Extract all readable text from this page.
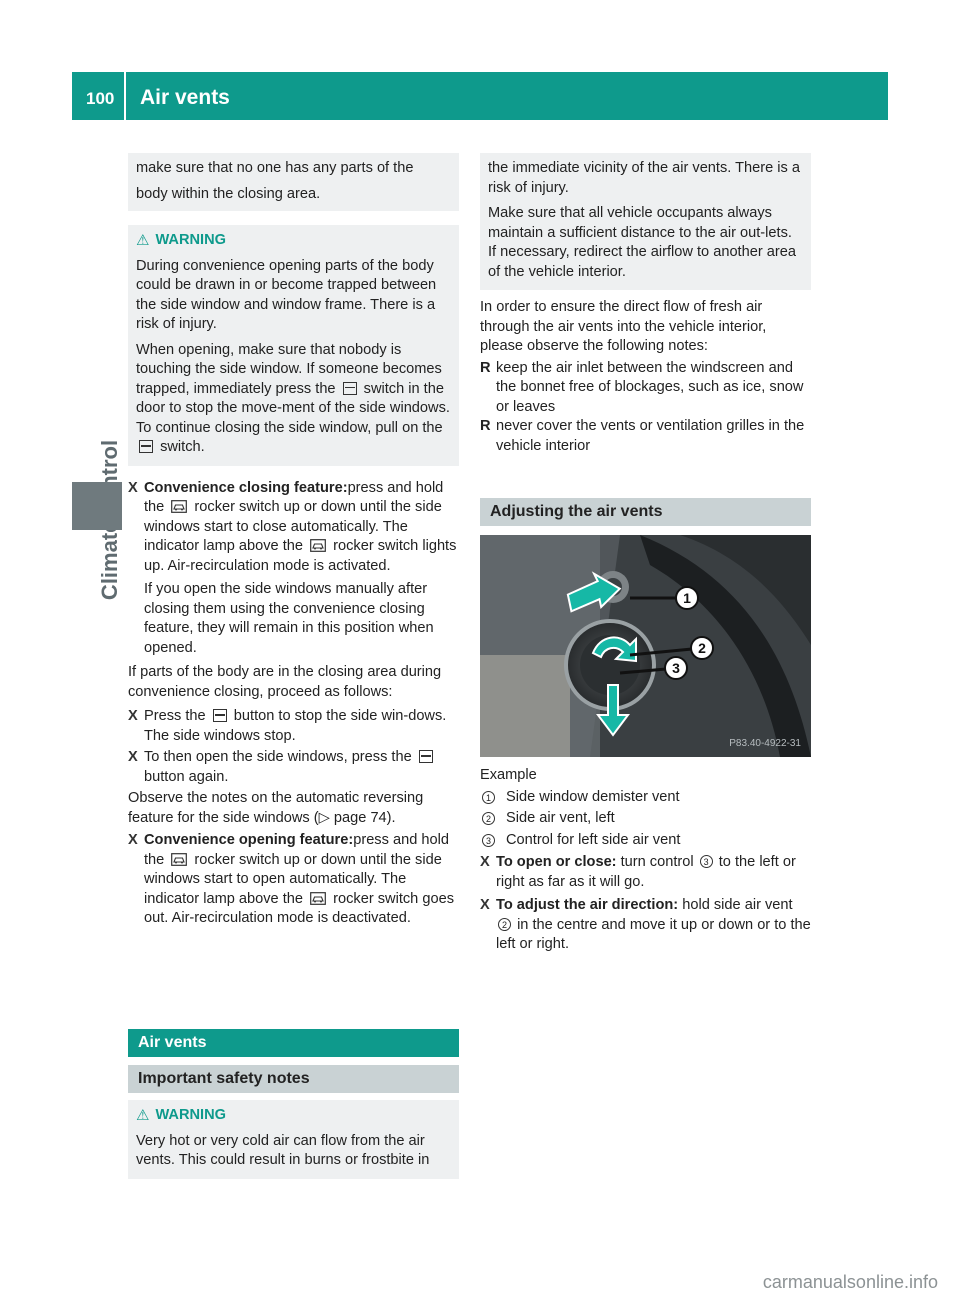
100 Air vents

make sure that no one has any parts of the

body within the closing area.

⚠ WARNING

During convenience opening parts of the body could be drawn in or become trapped between the side window and window frame. There is a risk of injury.

When opening, make sure that nobody is touching the side window. If someone becomes trapped, immediately press the switch in the door to stop the move-ment of the side windows. To continue closing the side window, pull on the  switch.

X Convenience closing feature:press and hold the rocker switch up or down until the side windows start to close automatically. The indicator lamp above the rocker switch lights up. Air-recirculation mode is activated.

If you open the side windows manually after closing them using the convenience closing feature, they will remain in this position when opened.

If parts of the body are in the closing area during convenience closing, proceed as follows:

X Press the button to stop the side win-dows.
The side windows stop.
X To then open the side windows, press the  button again.

Observe the notes on the automatic reversing feature for the side windows (▷ page 74).

X Convenience opening feature:press and hold the rocker switch up or down until the side windows start to open automatically. The indicator lamp above the rocker switch goes out. Air-recirculation mode is deactivated.
Air vents
Important safety notes
⚠ WARNING

Very hot or very cold air can flow from the air vents. This could result in burns or frostbite in

the immediate vicinity of the air vents. There is a risk of injury.

Make sure that all vehicle occupants always maintain a sufficient distance to the air out-lets. If necessary, redirect the airflow to another area of the vehicle interior.

In order to ensure the direct flow of fresh air through the air vents into the vehicle interior, please observe the following notes:

R keep the air inlet between the windscreen and the bonnet free of blockages, such as ice, snow or leaves
R never cover the vents or ventilation grilles in the vehicle interior
Adjusting the air vents
1
2
3
P83.40-4922-31

Example

1 Side window demister vent
2 Side air vent, left
3 Control for left side air vent
X To open or close: turn control 3 to the left or right as far as it will go.
X To adjust the air direction: hold side air vent 2 in the centre and move it up or down or to the left or right.
carmanualsonline.info
